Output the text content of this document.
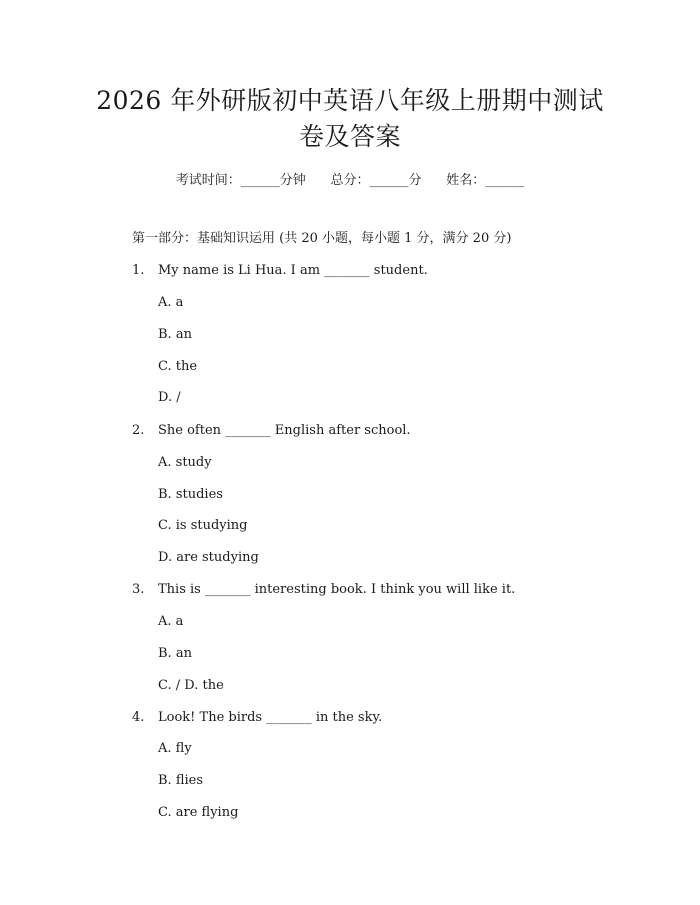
2026 年外研版初中英语八年级上册期中测试
卷及答案
考试时间：______分钟      总分：______分      姓名：______
第一部分：基础知识运用 (共 20 小题，每小题 1 分，满分 20 分)
1. My name is Li Hua. I am _______ student.
A. a
B. an
C. the
D. /
2. She often _______ English after school.
A. study
B. studies
C. is studying
D. are studying
3. This is _______ interesting book. I think you will like it.
A. a
B. an
C. / D. the
4. Look! The birds _______ in the sky.
A. fly
B. flies
C. are flying
